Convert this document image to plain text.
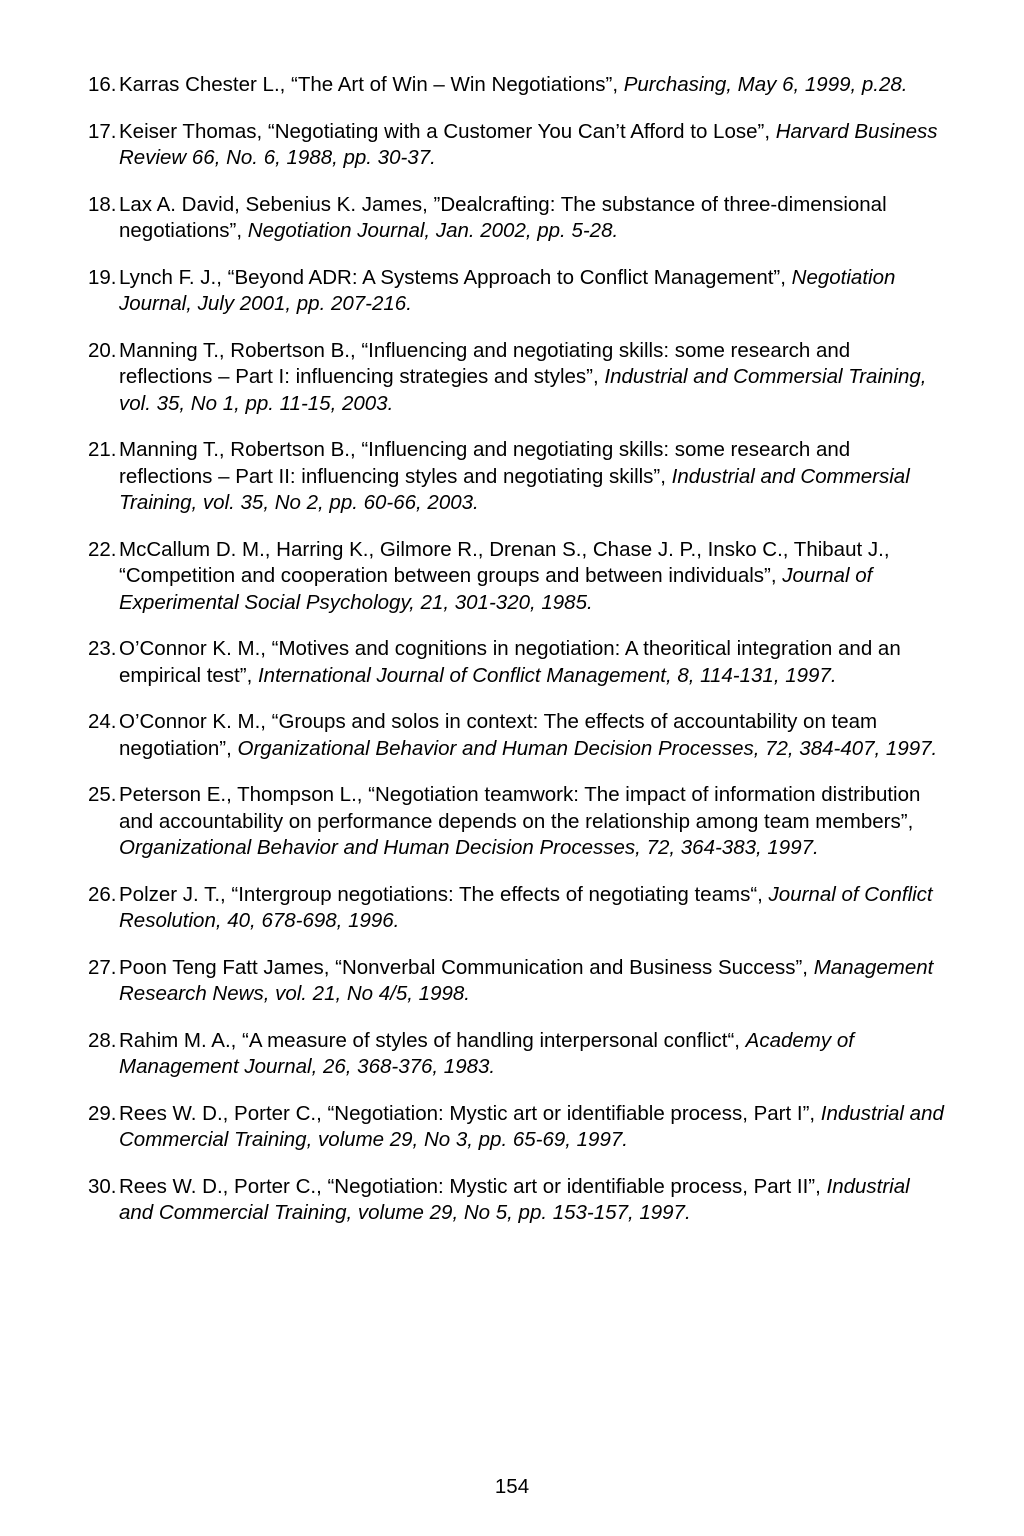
16. Karras Chester L., “The Art of Win – Win Negotiations”, Purchasing, May 6, 1999, p.28.
17. Keiser Thomas, “Negotiating with a Customer You Can’t Afford to Lose”, Harvard Business Review 66, No. 6, 1988, pp. 30-37.
18. Lax A. David, Sebenius K. James, ”Dealcrafting: The substance of three-dimensional negotiations”, Negotiation Journal, Jan. 2002, pp. 5-28.
19. Lynch F. J., “Beyond ADR: A Systems Approach to Conflict Management”, Negotiation Journal, July 2001, pp. 207-216.
20. Manning T., Robertson B., “Influencing and negotiating skills: some research and reflections – Part I: influencing strategies and styles”, Industrial and Commersial Training, vol. 35, No 1, pp. 11-15, 2003.
21. Manning T., Robertson B., “Influencing and negotiating skills: some research and reflections – Part II: influencing styles and negotiating skills”, Industrial and Commersial Training, vol. 35, No 2, pp. 60-66, 2003.
22. McCallum D. M., Harring K., Gilmore R., Drenan S., Chase J. P., Insko C., Thibaut J., “Competition and cooperation between groups and between individuals”, Journal of Experimental Social Psychology, 21, 301-320, 1985.
23. O’Connor K. M., “Motives and cognitions in negotiation: A theoritical integration and an empirical test”, International Journal of Conflict Management, 8, 114-131, 1997.
24. O’Connor K. M., “Groups and solos in context: The effects of accountability on team negotiation”, Organizational Behavior and Human Decision Processes, 72, 384-407, 1997.
25. Peterson E., Thompson L., “Negotiation teamwork: The impact of information distribution and accountability on performance depends on the relationship among team members”, Organizational Behavior and Human Decision Processes, 72, 364-383, 1997.
26. Polzer J. T., “Intergroup negotiations: The effects of negotiating teams“, Journal of Conflict Resolution, 40, 678-698, 1996.
27. Poon Teng Fatt James, “Nonverbal Communication and Business Success”, Management Research News, vol. 21, No 4/5, 1998.
28. Rahim M. A., “A measure of styles of handling interpersonal conflict“, Academy of Management Journal, 26, 368-376, 1983.
29. Rees W. D., Porter C., “Negotiation: Mystic art or identifiable process, Part I”, Industrial and Commercial Training, volume 29, No 3, pp. 65-69, 1997.
30. Rees W. D., Porter C., “Negotiation: Mystic art or identifiable process, Part II”, Industrial and Commercial Training, volume 29, No 5, pp. 153-157, 1997.
154
